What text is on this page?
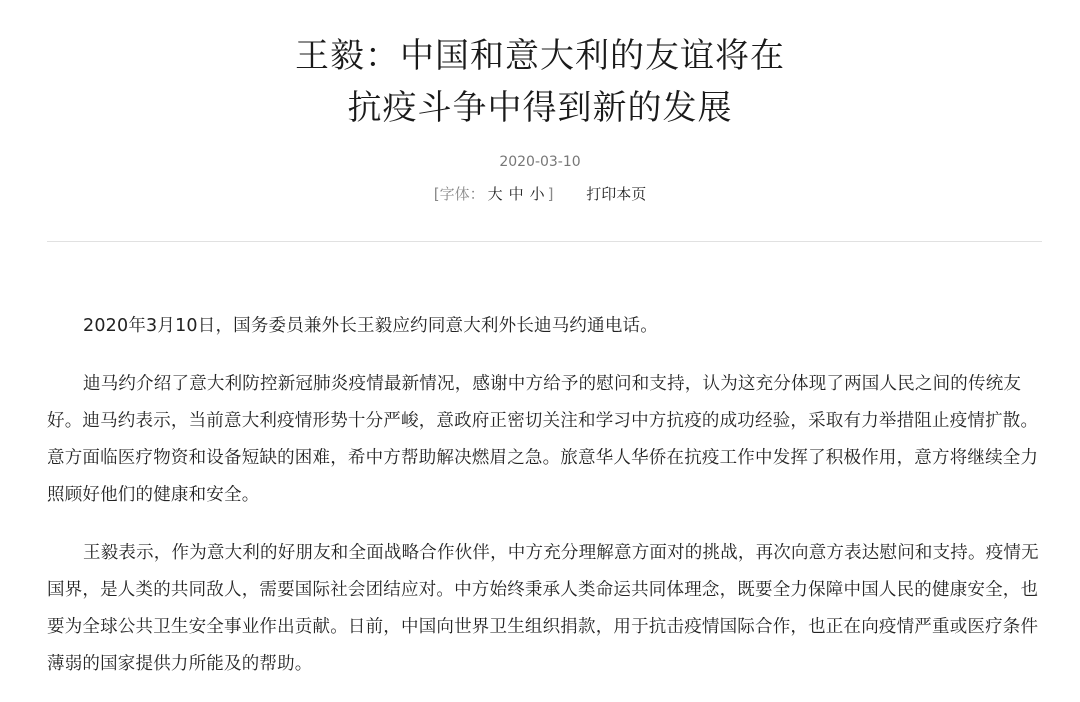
王毅：中国和意大利的友谊将在
抗疫斗争中得到新的发展
2020-03-10
[字体： 大 中 小 ] 打印本页

2020年3月10日，国务委员兼外长王毅应约同意大利外长迪马约通电话。

迪马约介绍了意大利防控新冠肺炎疫情最新情况，感谢中方给予的慰问和支持，认为这充分体现了两国人民之间的传统友好。迪马约表示，当前意大利疫情形势十分严峻，意政府正密切关注和学习中方抗疫的成功经验，采取有力举措阻止疫情扩散。意方面临医疗物资和设备短缺的困难，希中方帮助解决燃眉之急。旅意华人华侨在抗疫工作中发挥了积极作用，意方将继续全力照顾好他们的健康和安全。

王毅表示，作为意大利的好朋友和全面战略合作伙伴，中方充分理解意方面对的挑战，再次向意方表达慰问和支持。疫情无国界，是人类的共同敌人，需要国际社会团结应对。中方始终秉承人类命运共同体理念，既要全力保障中国人民的健康安全，也要为全球公共卫生安全事业作出贡献。日前，中国向世界卫生组织捐款，用于抗击疫情国际合作，也正在向疫情严重或医疗条件薄弱的国家提供力所能及的帮助。
